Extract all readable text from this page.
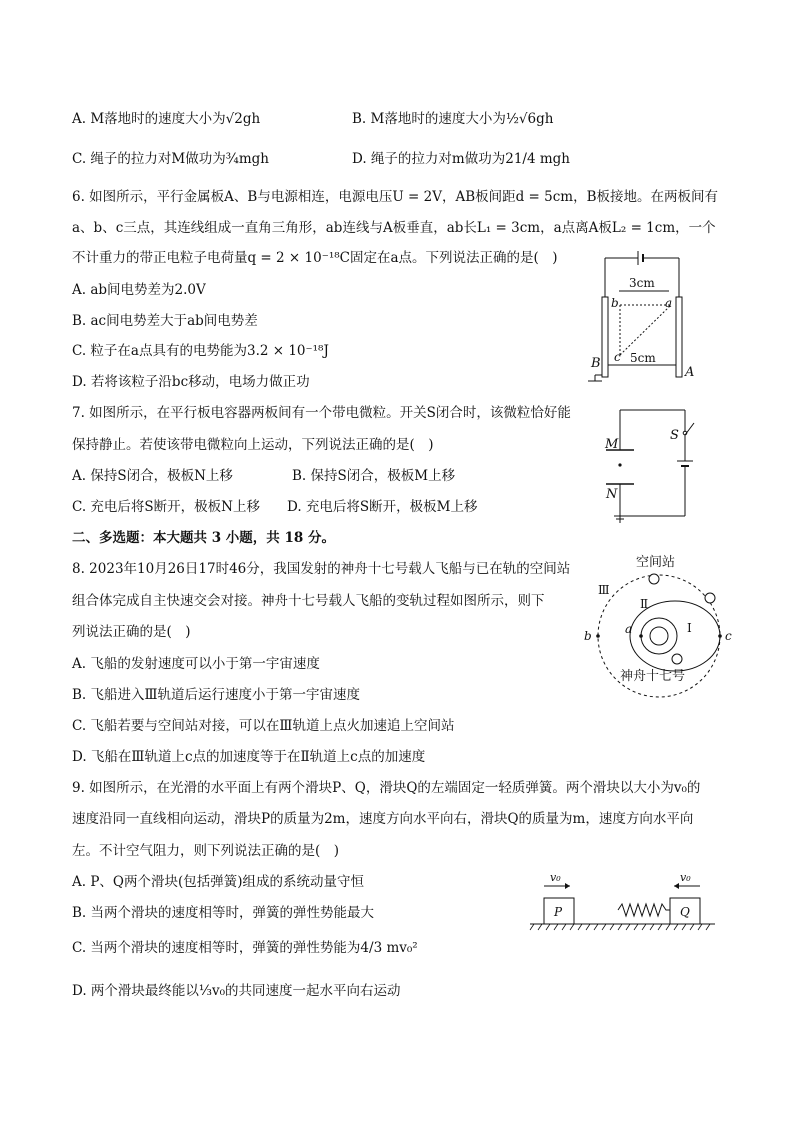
A. M落地时的速度大小为√2gh	B. M落地时的速度大小为½√6gh
C. 绳子的拉力对M做功为¾mgh	D. 绳子的拉力对m做功为21/4 mgh
6. 如图所示，平行金属板A、B与电源相连，电源电压U = 2V，AB板间距d = 5cm，B板接地。在两板间有
a、b、c三点，其连线组成一直角三角形，ab连线与A板垂直，ab长L₁ = 3cm，a点离A板L₂ = 1cm，一个
不计重力的带正电粒子电荷量q = 2 × 10⁻¹⁸C固定在a点。下列说法正确的是(　)
A. ab间电势差为2.0V
B. ac间电势差大于ab间电势差
C. 粒子在a点具有的电势能为3.2 × 10⁻¹⁸J
D. 若将该粒子沿bc移动，电场力做正功
3cm
5cm
b	a
c
B
A
7. 如图所示，在平行板电容器两板间有一个带电微粒。开关S闭合时，该微粒恰好能
保持静止。若使该带电微粒向上运动，下列说法正确的是(　)
A. 保持S闭合，极板N上移	B. 保持S闭合，极板M上移
C. 充电后将S断开，极板N上移 D. 充电后将S断开，极板M上移
M
N
S
二、多选题：本大题共 3 小题，共 18 分。
8. 2023年10月26日17时46分，我国发射的神舟十七号载人飞船与已在轨的空间站
组合体完成自主快速交会对接。神舟十七号载人飞船的变轨过程如图所示，则下
列说法正确的是(　)
A. 飞船的发射速度可以小于第一宇宙速度
B. 飞船进入Ⅲ轨道后运行速度小于第一宇宙速度
C. 飞船若要与空间站对接，可以在Ⅲ轨道上点火加速追上空间站
D. 飞船在Ⅲ轨道上c点的加速度等于在Ⅱ轨道上c点的加速度
空间站
Ⅲ
Ⅱ
I
b	a	c
神舟十七号
9. 如图所示，在光滑的水平面上有两个滑块P、Q，滑块Q的左端固定一轻质弹簧。两个滑块以大小为v₀的
速度沿同一直线相向运动，滑块P的质量为2m，速度方向水平向右，滑块Q的质量为m，速度方向水平向
左。不计空气阻力，则下列说法正确的是(　)
A. P、Q两个滑块(包括弹簧)组成的系统动量守恒
B. 当两个滑块的速度相等时，弹簧的弹性势能最大
C. 当两个滑块的速度相等时，弹簧的弹性势能为4/3 mv₀²
D. 两个滑块最终能以⅓v₀的共同速度一起水平向右运动
P
v₀
Q
v₀
